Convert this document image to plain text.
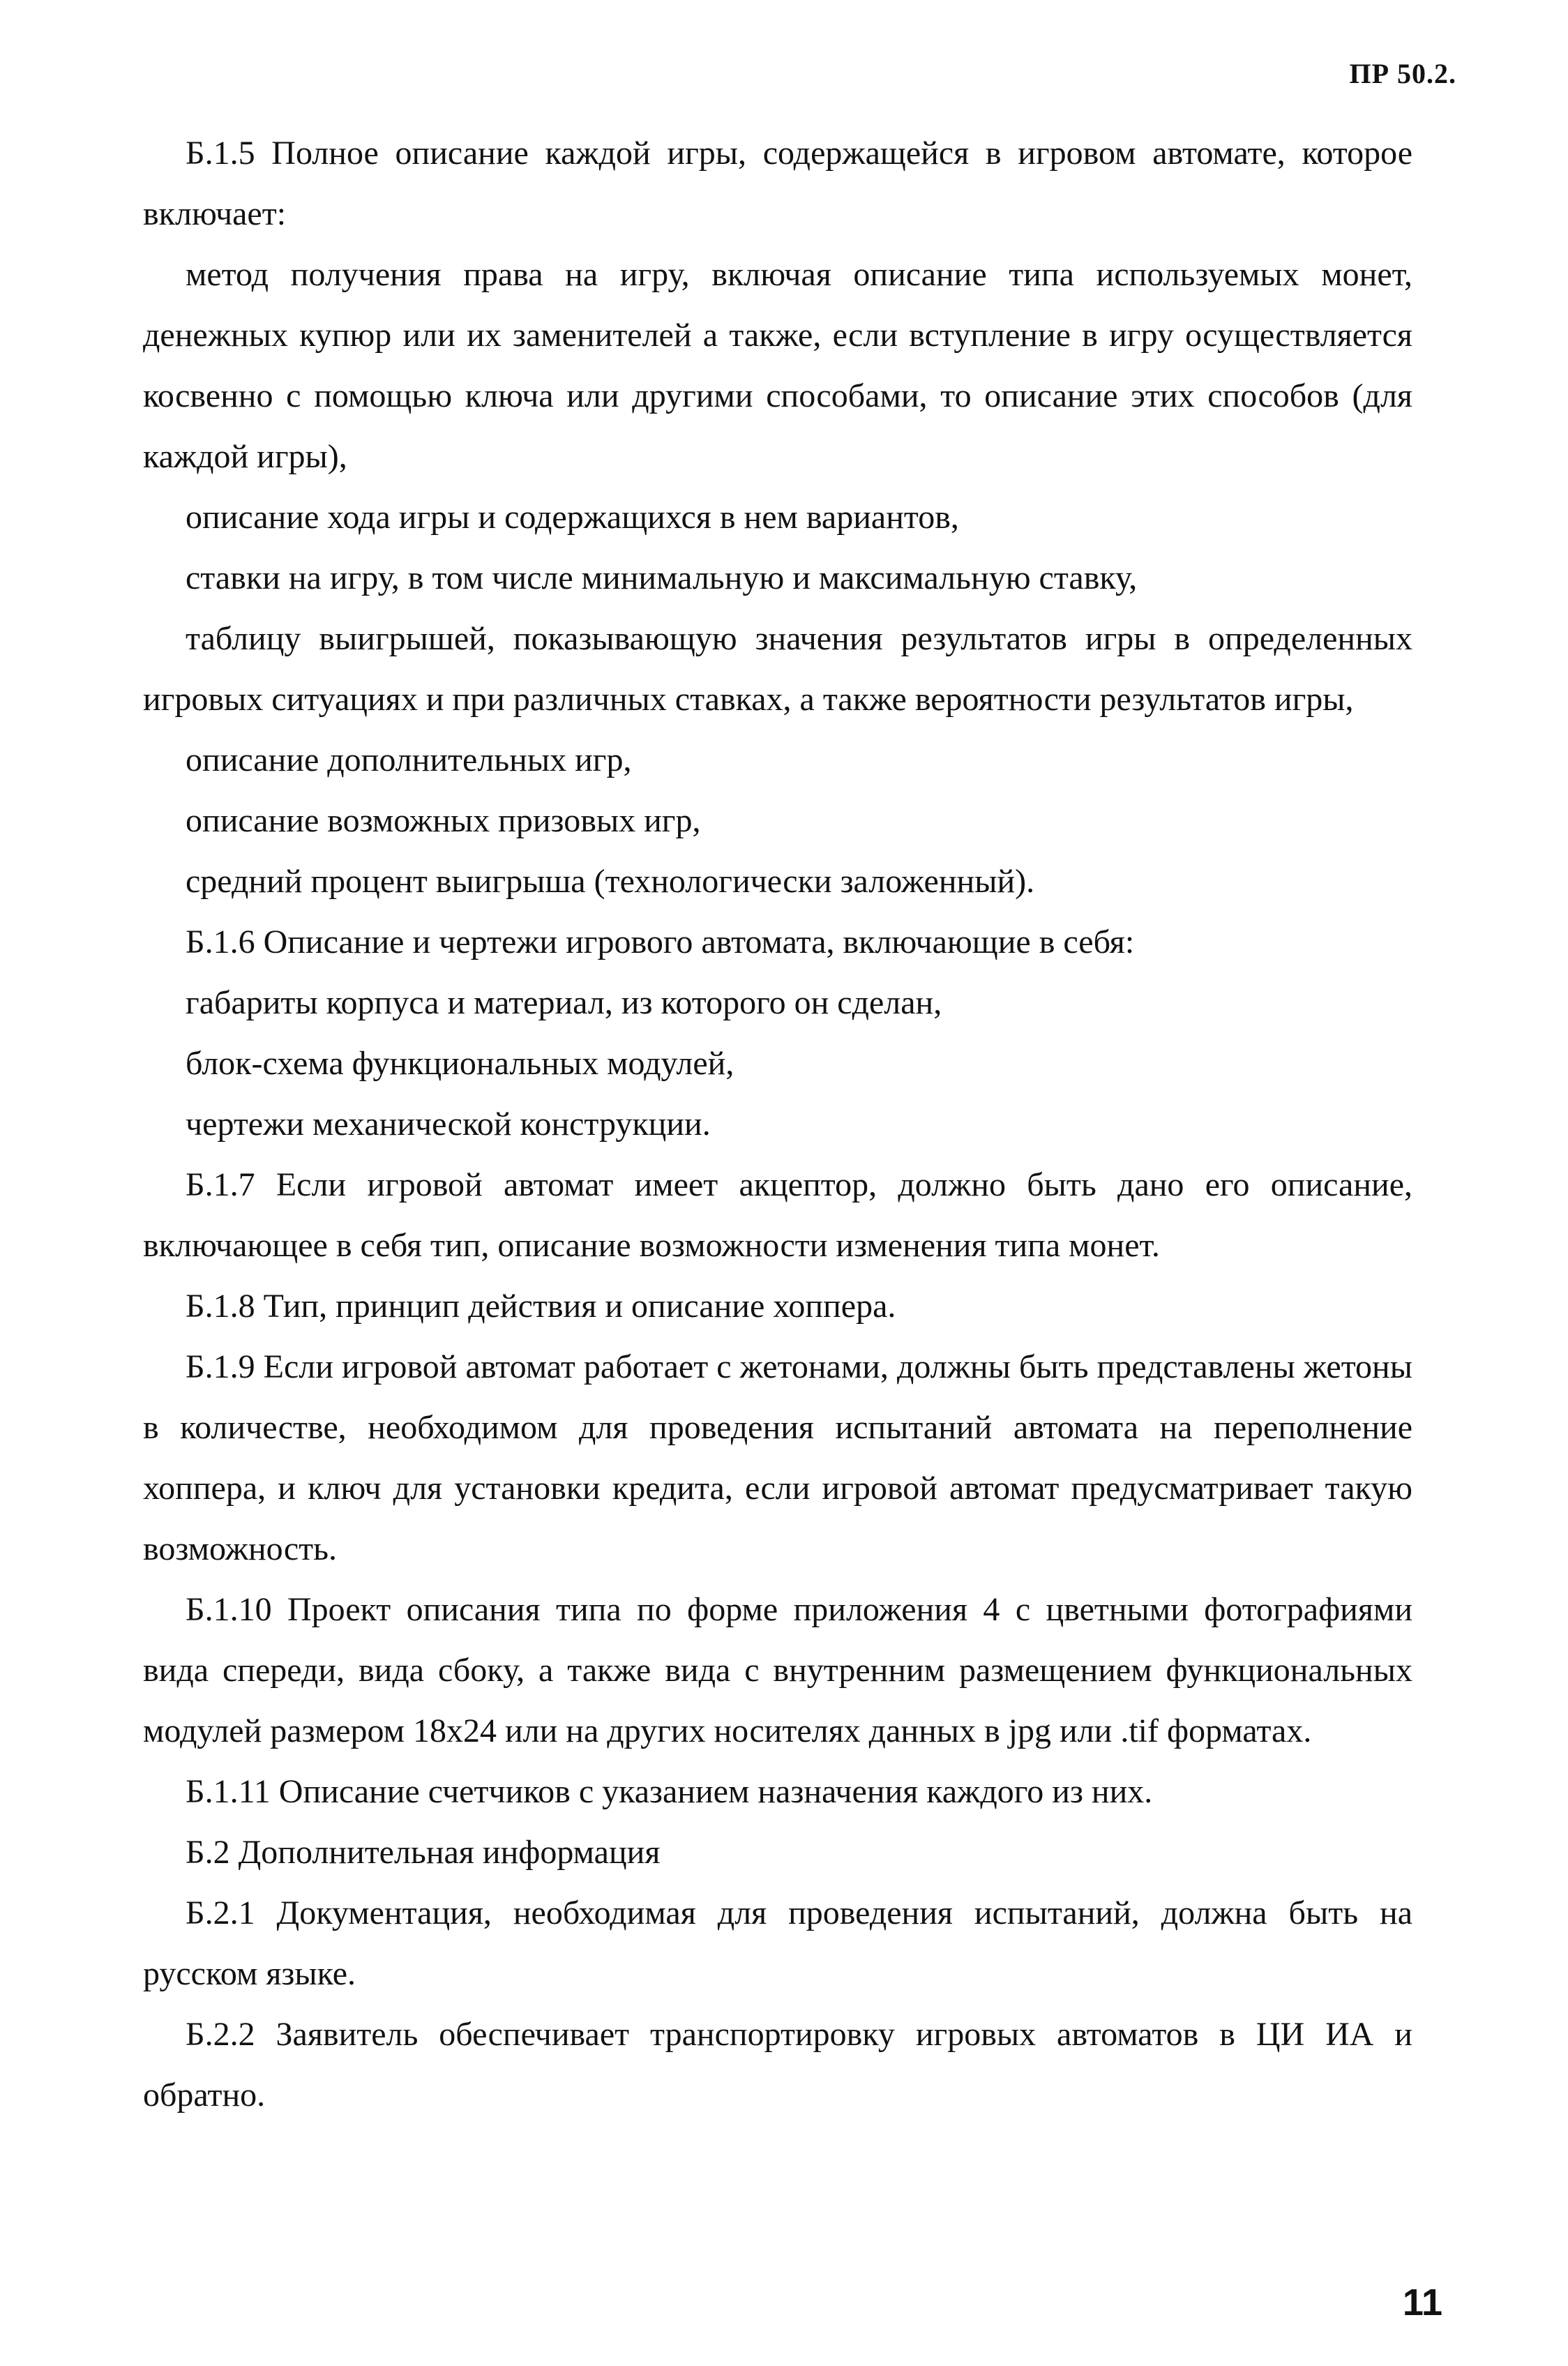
ПР 50.2.

Б.1.5 Полное описание каждой игры, содержащейся в игровом автомате, которое включает:

метод получения права на игру, включая описание типа используемых монет, денежных купюр или их заменителей а также, если вступление в игру осуществляется косвенно с помощью ключа или другими способами, то описание этих способов (для каждой игры),

описание хода игры и содержащихся в нем вариантов,

ставки на игру, в том числе минимальную и максимальную ставку,

таблицу выигрышей, показывающую значения результатов игры в определенных игровых ситуациях и при различных ставках, а также вероятности результатов игры,

описание дополнительных игр,

описание возможных призовых игр,

средний процент выигрыша (технологически заложенный).

Б.1.6 Описание и чертежи игрового автомата, включающие в себя:

габариты корпуса и материал, из которого он сделан,

блок-схема функциональных модулей,

чертежи механической конструкции.

Б.1.7 Если игровой автомат имеет акцептор, должно быть дано его описание, включающее в себя тип, описание возможности изменения типа монет.

Б.1.8 Тип, принцип действия и описание хоппера.

Б.1.9 Если игровой автомат работает с жетонами, должны быть представлены жетоны в количестве, необходимом для проведения испытаний автомата на переполнение хоппера, и ключ для установки кредита, если игровой автомат предусматривает такую возможность.

Б.1.10 Проект описания типа по форме приложения 4 с цветными фотографиями вида спереди, вида сбоку, а также вида с внутренним размещением функциональных модулей размером 18х24 или на других носителях данных в jpg или .tif форматах.

Б.1.11 Описание счетчиков с указанием назначения каждого из них.

Б.2 Дополнительная информация

Б.2.1 Документация, необходимая для проведения испытаний, должна быть на русском языке.

Б.2.2 Заявитель обеспечивает транспортировку игровых автоматов в ЦИ ИА и обратно.

11
